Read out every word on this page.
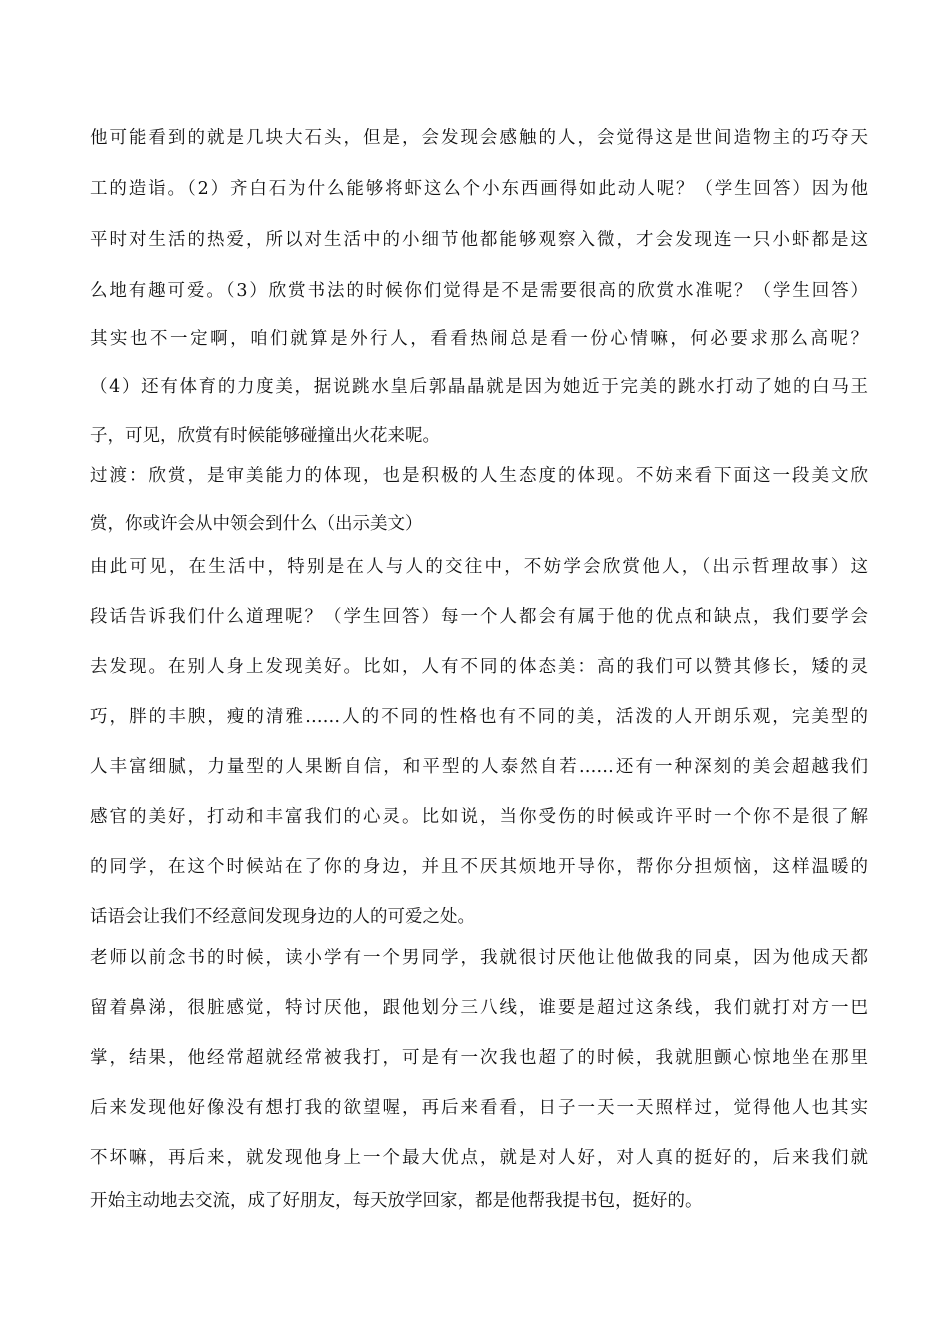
他可能看到的就是几块大石头，但是，会发现会感触的人，会觉得这是世间造物主的巧夺天
工的造诣。（2）齐白石为什么能够将虾这么个小东西画得如此动人呢？（学生回答）因为他
平时对生活的热爱，所以对生活中的小细节他都能够观察入微，才会发现连一只小虾都是这
么地有趣可爱。（3）欣赏书法的时候你们觉得是不是需要很高的欣赏水准呢？（学生回答）
其实也不一定啊，咱们就算是外行人，看看热闹总是看一份心情嘛，何必要求那么高呢？
（4）还有体育的力度美，据说跳水皇后郭晶晶就是因为她近于完美的跳水打动了她的白马王
子，可见，欣赏有时候能够碰撞出火花来呢。
过渡：欣赏，是审美能力的体现，也是积极的人生态度的体现。不妨来看下面这一段美文欣
赏，你或许会从中领会到什么（出示美文）
由此可见，在生活中，特别是在人与人的交往中，不妨学会欣赏他人，（出示哲理故事）这
段话告诉我们什么道理呢？（学生回答）每一个人都会有属于他的优点和缺点，我们要学会
去发现。在别人身上发现美好。比如，人有不同的体态美：高的我们可以赞其修长，矮的灵
巧，胖的丰腴，瘦的清雅……人的不同的性格也有不同的美，活泼的人开朗乐观，完美型的
人丰富细腻，力量型的人果断自信，和平型的人泰然自若……还有一种深刻的美会超越我们
感官的美好，打动和丰富我们的心灵。比如说，当你受伤的时候或许平时一个你不是很了解
的同学，在这个时候站在了你的身边，并且不厌其烦地开导你，帮你分担烦恼，这样温暖的
话语会让我们不经意间发现身边的人的可爱之处。
老师以前念书的时候，读小学有一个男同学，我就很讨厌他让他做我的同桌，因为他成天都
留着鼻涕，很脏感觉，特讨厌他，跟他划分三八线，谁要是超过这条线，我们就打对方一巴
掌，结果，他经常超就经常被我打，可是有一次我也超了的时候，我就胆颤心惊地坐在那里
后来发现他好像没有想打我的欲望喔，再后来看看，日子一天一天照样过，觉得他人也其实
不坏嘛，再后来，就发现他身上一个最大优点，就是对人好，对人真的挺好的，后来我们就
开始主动地去交流，成了好朋友，每天放学回家，都是他帮我提书包，挺好的。
